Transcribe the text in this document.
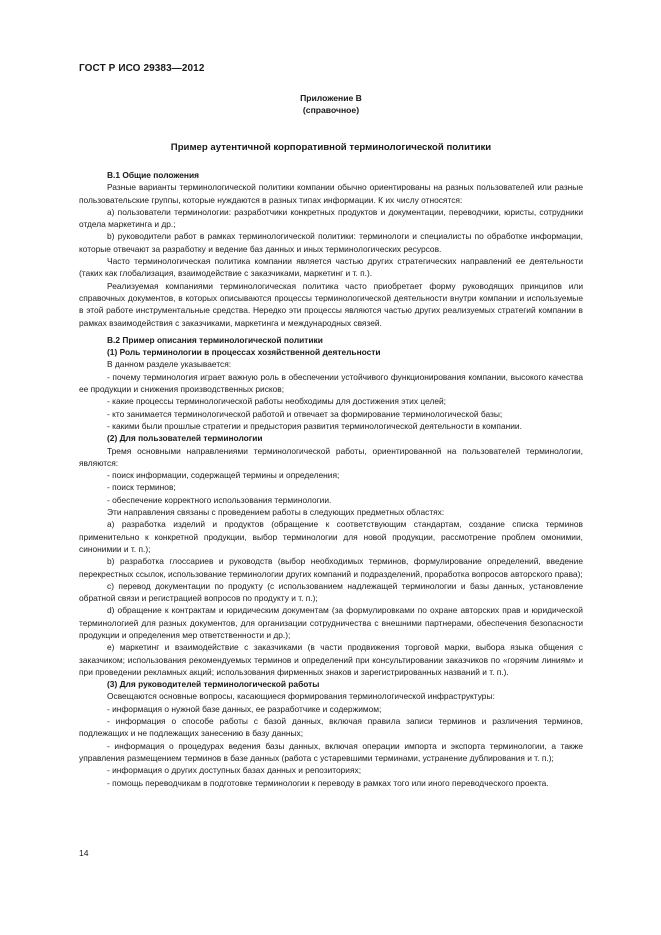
ГОСТ Р ИСО 29383—2012
Приложение В
(справочное)
Пример аутентичной корпоративной терминологической политики

В.1 Общие положения

Разные варианты терминологической политики компании обычно ориентированы на разных пользователей или разные пользовательские группы, которые нуждаются в разных типах информации. К их числу относятся:

a) пользователи терминологии: разработчики конкретных продуктов и документации, переводчики, юристы, сотрудники отдела маркетинга и др.;

b) руководители работ в рамках терминологической политики: терминологи и специалисты по обработке информации, которые отвечают за разработку и ведение баз данных и иных терминологических ресурсов.

Часто терминологическая политика компании является частью других стратегических направлений ее деятельности (таких как глобализация, взаимодействие с заказчиками, маркетинг и т. п.).

Реализуемая компаниями терминологическая политика часто приобретает форму руководящих принципов или справочных документов, в которых описываются процессы терминологической деятельности внутри компании и используемые в этой работе инструментальные средства. Нередко эти процессы являются частью других реализуемых стратегий компании в рамках взаимодействия с заказчиками, маркетинга и международных связей.

В.2 Пример описания терминологической политики

(1) Роль терминологии в процессах хозяйственной деятельности

В данном разделе указывается:

- почему терминология играет важную роль в обеспечении устойчивого функционирования компании, высокого качества ее продукции и снижения производственных рисков;

- какие процессы терминологической работы необходимы для достижения этих целей;

- кто занимается терминологической работой и отвечает за формирование терминологической базы;

- какими были прошлые стратегии и предыстория развития терминологической деятельности в компании.

(2) Для пользователей терминологии

Тремя основными направлениями терминологической работы, ориентированной на пользователей терминологии, являются:

- поиск информации, содержащей термины и определения;

- поиск терминов;

- обеспечение корректного использования терминологии.

Эти направления связаны с проведением работы в следующих предметных областях:

a) разработка изделий и продуктов (обращение к соответствующим стандартам, создание списка терминов применительно к конкретной продукции, выбор терминологии для новой продукции, рассмотрение проблем омонимии, синонимии и т. п.);

b) разработка глоссариев и руководств (выбор необходимых терминов, формулирование определений, введение перекрестных ссылок, использование терминологии других компаний и подразделений, проработка вопросов авторского права);

c) перевод документации по продукту (с использованием надлежащей терминологии и базы данных, установление обратной связи и регистрацией вопросов по продукту и т. п.);

d) обращение к контрактам и юридическим документам (за формулировками по охране авторских прав и юридической терминологией для разных документов, для организации сотрудничества с внешними партнерами, обеспечения безопасности продукции и определения мер ответственности и др.);

e) маркетинг и взаимодействие с заказчиками (в части продвижения торговой марки, выбора языка общения с заказчиком; использования рекомендуемых терминов и определений при консультировании заказчиков по «горячим линиям» и при проведении рекламных акций; использования фирменных знаков и зарегистрированных названий и т. п.).

(3) Для руководителей терминологической работы

Освещаются основные вопросы, касающиеся формирования терминологической инфраструктуры:

- информация о нужной базе данных, ее разработчике и содержимом;

- информация о способе работы с базой данных, включая правила записи терминов и различения терминов, подлежащих и не подлежащих занесению в базу данных;

- информация о процедурах ведения базы данных, включая операции импорта и экспорта терминологии, а также управления размещением терминов в базе данных (работа с устаревшими терминами, устранение дублирования и т. п.);

- информация о других доступных базах данных и репозиториях;

- помощь переводчикам в подготовке терминологии к переводу в рамках того или иного переводческого проекта.

14
